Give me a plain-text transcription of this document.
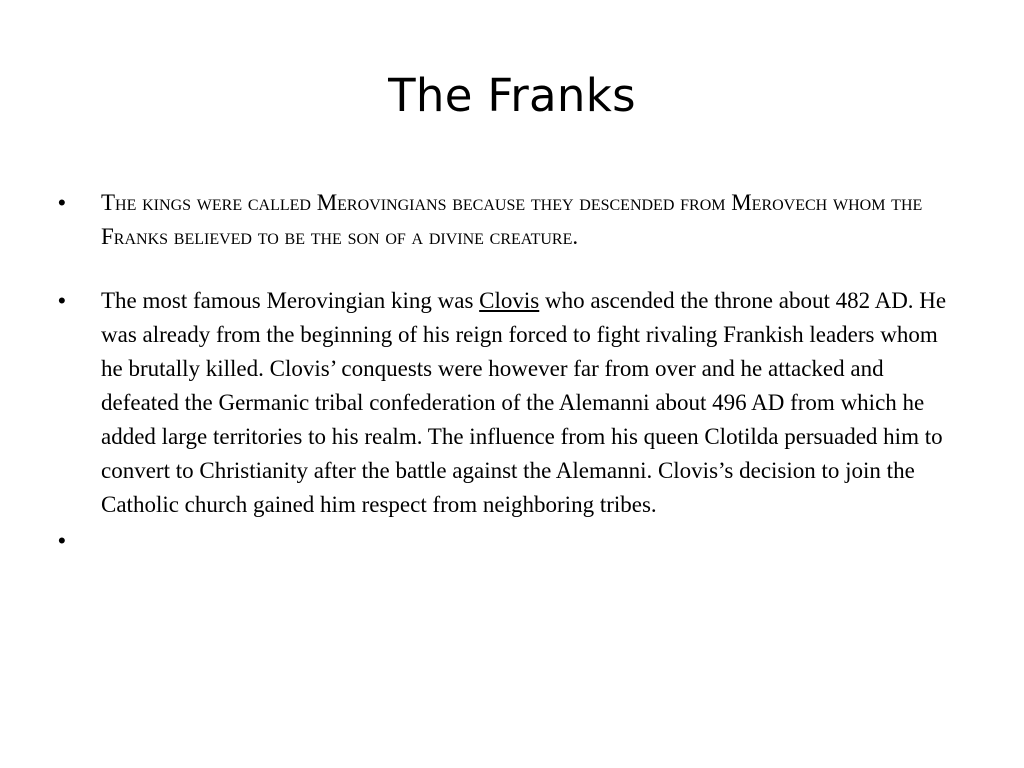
The Franks
• The kings were called Merovingians because they descended from Merovech whom the Franks believed to be the son of a divine creature.
• The most famous Merovingian king was Clovis who ascended the throne about 482 AD. He was already from the beginning of his reign forced to fight rivaling Frankish leaders whom he brutally killed. Clovis’ conquests were however far from over and he attacked and defeated the Germanic tribal confederation of the Alemanni about 496 AD from which he added large territories to his realm. The influence from his queen Clotilda persuaded him to convert to Christianity after the battle against the Alemanni. Clovis’s decision to join the Catholic church gained him respect from neighboring tribes.
•
